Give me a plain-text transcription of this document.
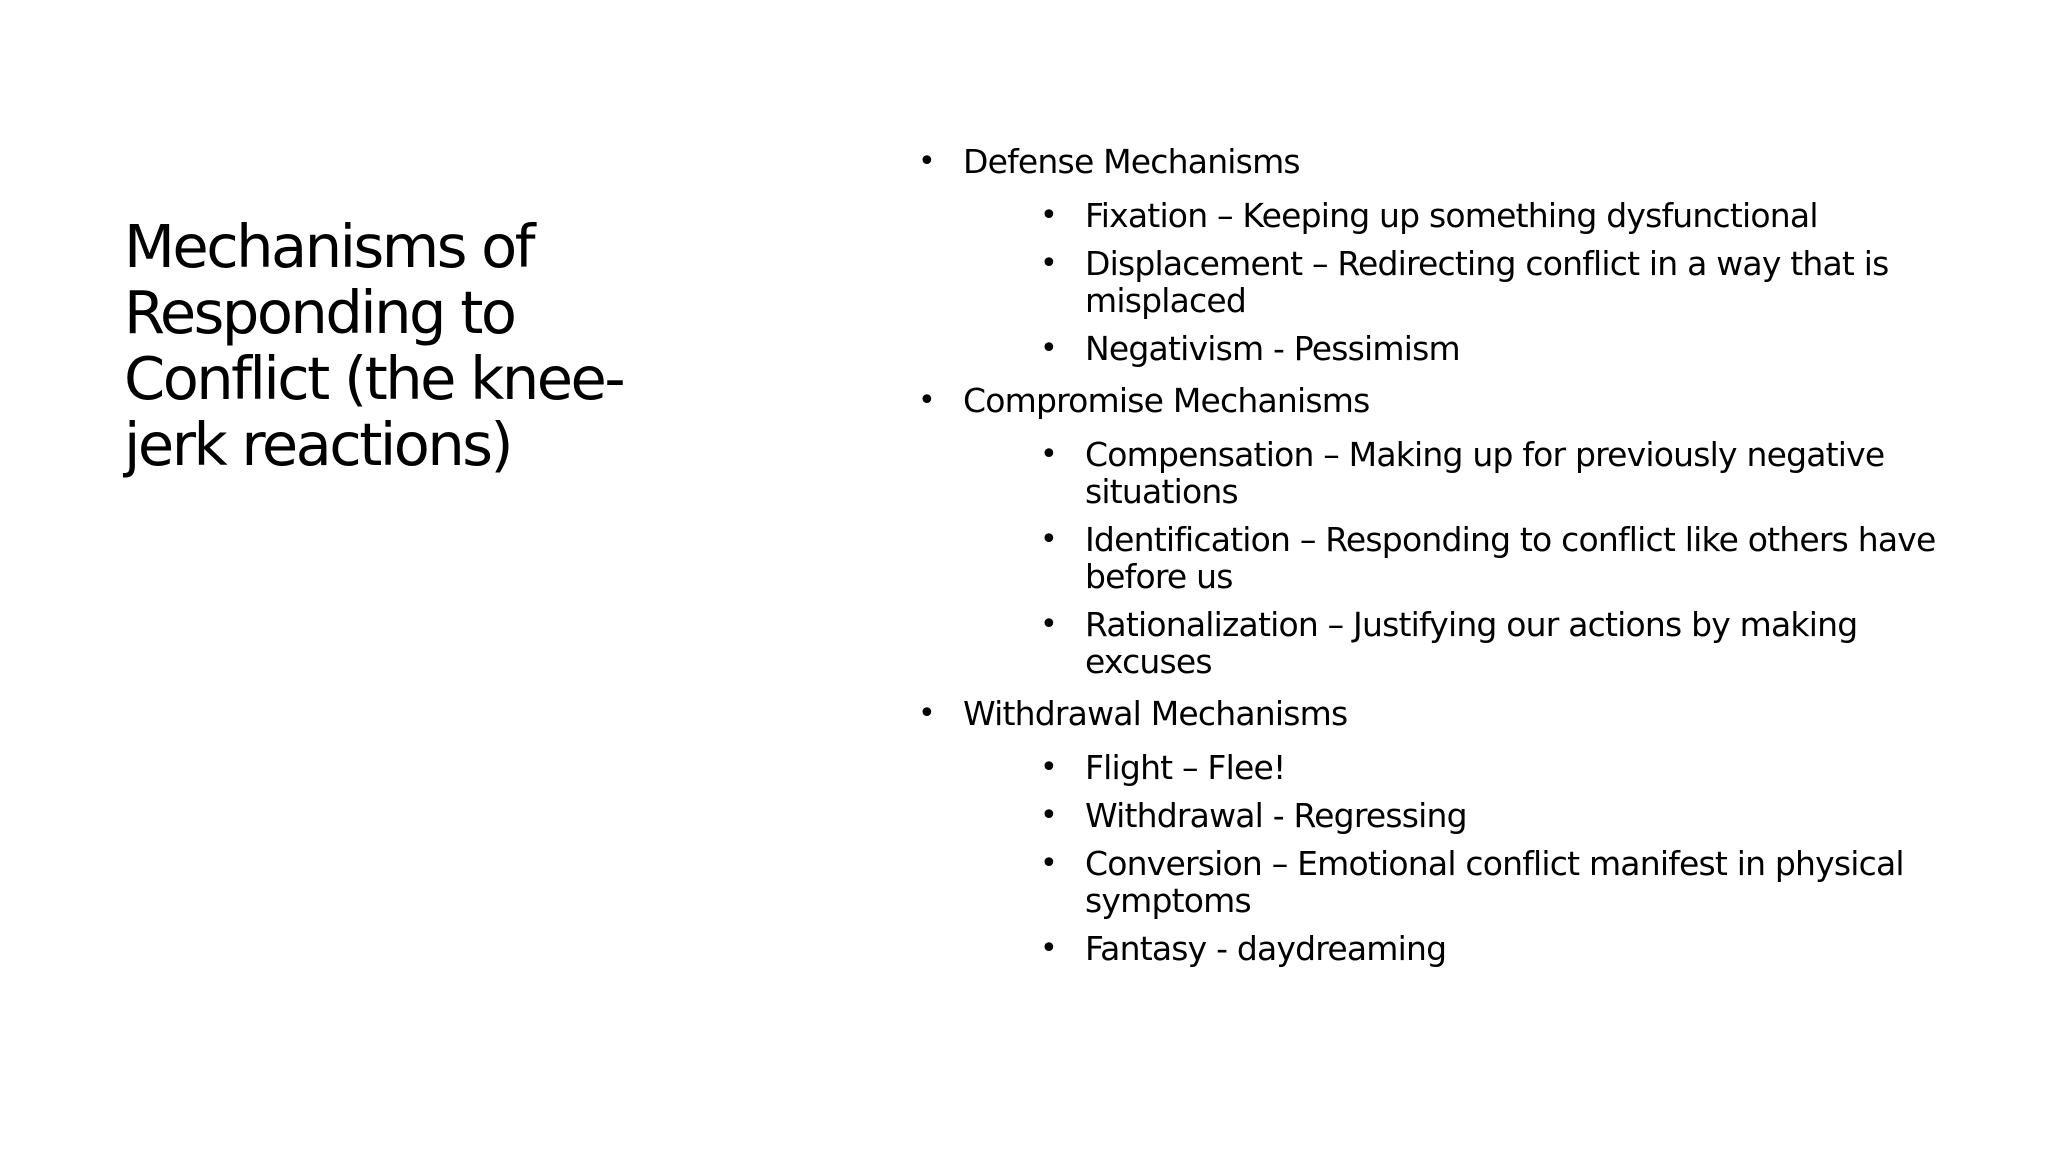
Mechanisms of
Responding to
Conflict (the knee-
jerk reactions)
• Defense Mechanisms
• Fixation – Keeping up something dysfunctional
• Displacement – Redirecting conflict in a way that is misplaced
• Negativism - Pessimism
• Compromise Mechanisms
• Compensation – Making up for previously negative situations
• Identification – Responding to conflict like others have before us
• Rationalization – Justifying our actions by making excuses
• Withdrawal Mechanisms
• Flight – Flee!
• Withdrawal - Regressing
• Conversion – Emotional conflict manifest in physical symptoms
• Fantasy - daydreaming
